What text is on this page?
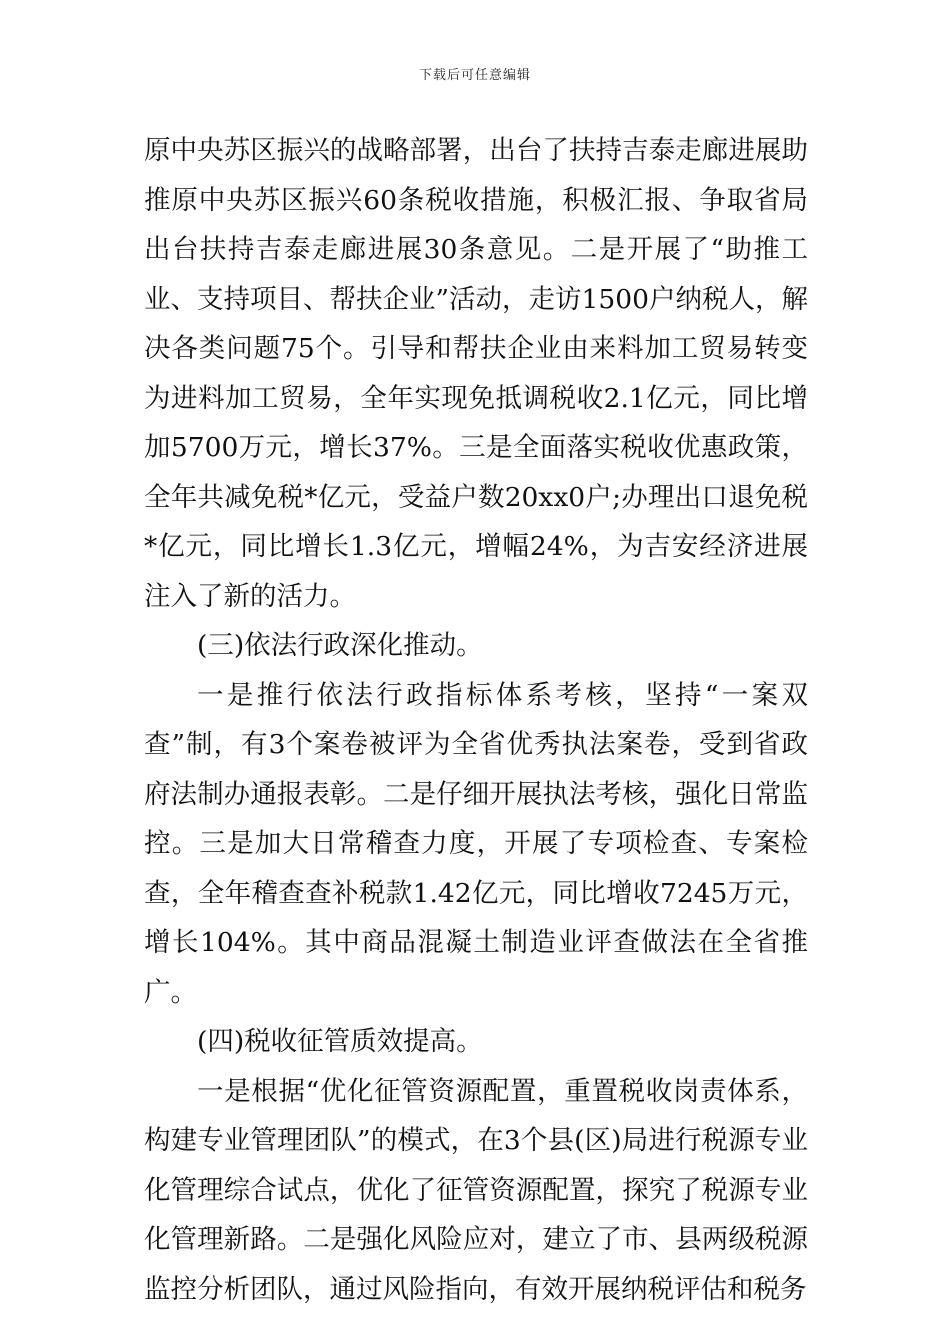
下载后可任意编辑

原中央苏区振兴的战略部署，出台了扶持吉泰走廊进展助推原中央苏区振兴60条税收措施，积极汇报、争取省局出台扶持吉泰走廊进展30条意见。二是开展了“助推工业、支持项目、帮扶企业”活动，走访1500户纳税人，解决各类问题75个。引导和帮扶企业由来料加工贸易转变为进料加工贸易，全年实现免抵调税收2.1亿元，同比增加5700万元，增长37%。三是全面落实税收优惠政策，全年共减免税*亿元，受益户数20xx0户;办理出口退免税*亿元，同比增长1.3亿元，增幅24%，为吉安经济进展注入了新的活力。

(三)依法行政深化推动。

一是推行依法行政指标体系考核，坚持“一案双查”制，有3个案卷被评为全省优秀执法案卷，受到省政府法制办通报表彰。二是仔细开展执法考核，强化日常监控。三是加大日常稽查力度，开展了专项检查、专案检查，全年稽查查补税款1.42亿元，同比增收7245万元，增长104%。其中商品混凝土制造业评查做法在全省推广。

(四)税收征管质效提高。

一是根据“优化征管资源配置，重置税收岗责体系，构建专业管理团队”的模式，在3个县(区)局进行税源专业化管理综合试点，优化了征管资源配置，探究了税源专业化管理新路。二是强化风险应对，建立了市、县两级税源监控分析团队，通过风险指向，有效开展纳税评估和税务
